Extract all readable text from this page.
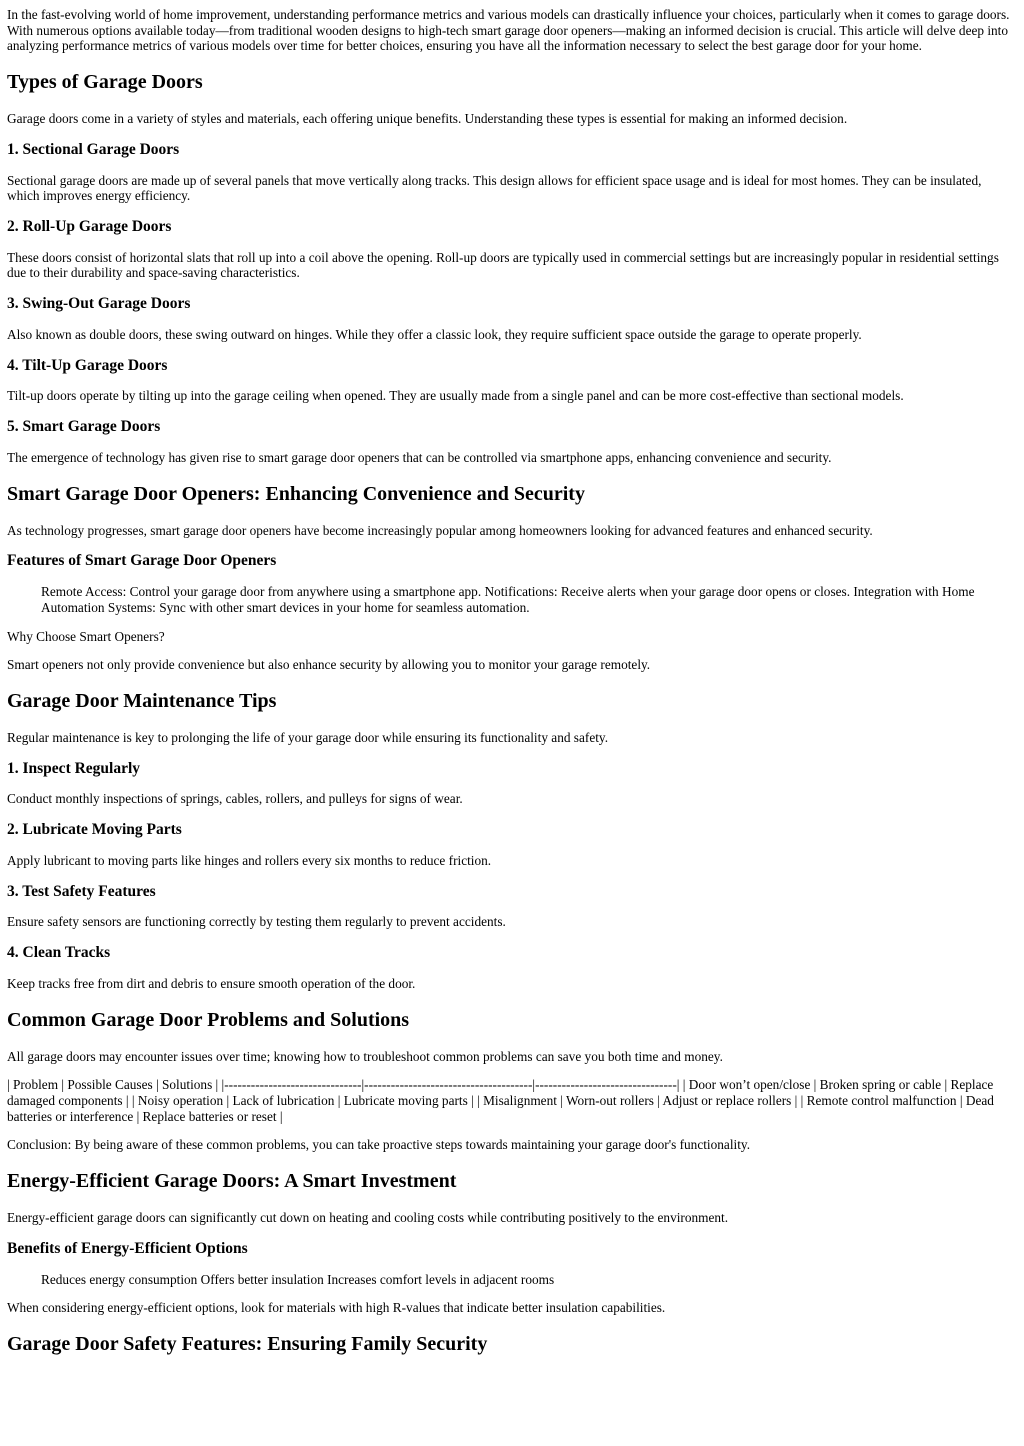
In the fast-evolving world of home improvement, understanding performance metrics and various models can drastically influence your choices, particularly when it comes to garage doors. With numerous options available today—from traditional wooden designs to high-tech smart garage door openers—making an informed decision is crucial. This article will delve deep into analyzing performance metrics of various models over time for better choices, ensuring you have all the information necessary to select the best garage door for your home.

Types of Garage Doors

Garage doors come in a variety of styles and materials, each offering unique benefits. Understanding these types is essential for making an informed decision.

1. Sectional Garage Doors

Sectional garage doors are made up of several panels that move vertically along tracks. This design allows for efficient space usage and is ideal for most homes. They can be insulated, which improves energy efficiency.

2. Roll-Up Garage Doors

These doors consist of horizontal slats that roll up into a coil above the opening. Roll-up doors are typically used in commercial settings but are increasingly popular in residential settings due to their durability and space-saving characteristics.

3. Swing-Out Garage Doors

Also known as double doors, these swing outward on hinges. While they offer a classic look, they require sufficient space outside the garage to operate properly.

4. Tilt-Up Garage Doors

Tilt-up doors operate by tilting up into the garage ceiling when opened. They are usually made from a single panel and can be more cost-effective than sectional models.

5. Smart Garage Doors

The emergence of technology has given rise to smart garage door openers that can be controlled via smartphone apps, enhancing convenience and security.

Smart Garage Door Openers: Enhancing Convenience and Security

As technology progresses, smart garage door openers have become increasingly popular among homeowners looking for advanced features and enhanced security.

Features of Smart Garage Door Openers
Remote Access: Control your garage door from anywhere using a smartphone app. Notifications: Receive alerts when your garage door opens or closes. Integration with Home Automation Systems: Sync with other smart devices in your home for seamless automation.

Why Choose Smart Openers?

Smart openers not only provide convenience but also enhance security by allowing you to monitor your garage remotely.

Garage Door Maintenance Tips

Regular maintenance is key to prolonging the life of your garage door while ensuring its functionality and safety.

1. Inspect Regularly

Conduct monthly inspections of springs, cables, rollers, and pulleys for signs of wear.

2. Lubricate Moving Parts

Apply lubricant to moving parts like hinges and rollers every six months to reduce friction.

3. Test Safety Features

Ensure safety sensors are functioning correctly by testing them regularly to prevent accidents.

4. Clean Tracks

Keep tracks free from dirt and debris to ensure smooth operation of the door.

Common Garage Door Problems and Solutions

All garage doors may encounter issues over time; knowing how to troubleshoot common problems can save you both time and money.

| Problem | Possible Causes | Solutions | |-------------------------------|--------------------------------------|--------------------------------| | Door won’t open/close | Broken spring or cable | Replace damaged components | | Noisy operation | Lack of lubrication | Lubricate moving parts | | Misalignment | Worn-out rollers | Adjust or replace rollers | | Remote control malfunction | Dead batteries or interference | Replace batteries or reset |

Conclusion: By being aware of these common problems, you can take proactive steps towards maintaining your garage door's functionality.

Energy-Efficient Garage Doors: A Smart Investment

Energy-efficient garage doors can significantly cut down on heating and cooling costs while contributing positively to the environment.

Benefits of Energy-Efficient Options
Reduces energy consumption Offers better insulation Increases comfort levels in adjacent rooms

When considering energy-efficient options, look for materials with high R-values that indicate better insulation capabilities.

Garage Door Safety Features: Ensuring Family Security
